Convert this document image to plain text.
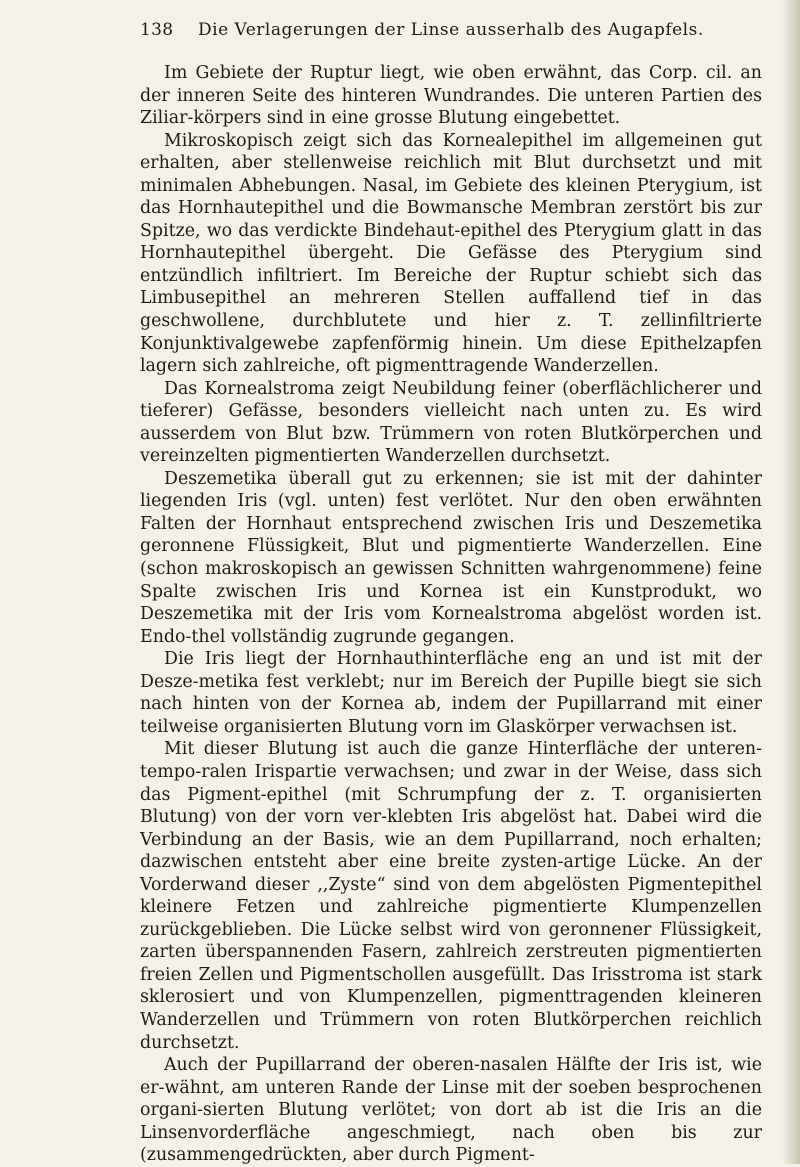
138 Die Verlagerungen der Linse ausserhalb des Augapfels.

Im Gebiete der Ruptur liegt, wie oben erwähnt, das Corp. cil. an der inneren Seite des hinteren Wundrandes. Die unteren Partien des Ziliar-körpers sind in eine grosse Blutung eingebettet.

Mikroskopisch zeigt sich das Kornealepithel im allgemeinen gut erhalten, aber stellenweise reichlich mit Blut durchsetzt und mit minimalen Abhebungen. Nasal, im Gebiete des kleinen Pterygium, ist das Hornhautepithel und die Bowmansche Membran zerstört bis zur Spitze, wo das verdickte Bindehaut-epithel des Pterygium glatt in das Hornhautepithel übergeht. Die Gefässe des Pterygium sind entzündlich infiltriert. Im Bereiche der Ruptur schiebt sich das Limbusepithel an mehreren Stellen auffallend tief in das geschwollene, durchblutete und hier z. T. zellinfiltrierte Konjunktivalgewebe zapfenförmig hinein. Um diese Epithelzapfen lagern sich zahlreiche, oft pigmenttragende Wanderzellen.

Das Kornealstroma zeigt Neubildung feiner (oberflächlicherer und tieferer) Gefässe, besonders vielleicht nach unten zu. Es wird ausserdem von Blut bzw. Trümmern von roten Blutkörperchen und vereinzelten pigmentierten Wanderzellen durchsetzt.

Deszemetika überall gut zu erkennen; sie ist mit der dahinter liegenden Iris (vgl. unten) fest verlötet. Nur den oben erwähnten Falten der Hornhaut entsprechend zwischen Iris und Deszemetika geronnene Flüssigkeit, Blut und pigmentierte Wanderzellen. Eine (schon makroskopisch an gewissen Schnitten wahrgenommene) feine Spalte zwischen Iris und Kornea ist ein Kunstprodukt, wo Deszemetika mit der Iris vom Kornealstroma abgelöst worden ist. Endo-thel vollständig zugrunde gegangen.

Die Iris liegt der Hornhauthinterfläche eng an und ist mit der Desze-metika fest verklebt; nur im Bereich der Pupille biegt sie sich nach hinten von der Kornea ab, indem der Pupillarrand mit einer teilweise organisierten Blutung vorn im Glaskörper verwachsen ist.

Mit dieser Blutung ist auch die ganze Hinterfläche der unteren-tempo-ralen Irispartie verwachsen; und zwar in der Weise, dass sich das Pigment-epithel (mit Schrumpfung der z. T. organisierten Blutung) von der vorn ver-klebten Iris abgelöst hat. Dabei wird die Verbindung an der Basis, wie an dem Pupillarrand, noch erhalten; dazwischen entsteht aber eine breite zysten-artige Lücke. An der Vorderwand dieser ,,Zyste“ sind von dem abgelösten Pigmentepithel kleinere Fetzen und zahlreiche pigmentierte Klumpenzellen zurückgeblieben. Die Lücke selbst wird von geronnener Flüssigkeit, zarten überspannenden Fasern, zahlreich zerstreuten pigmentierten freien Zellen und Pigmentschollen ausgefüllt. Das Irisstroma ist stark sklerosiert und von Klumpenzellen, pigmenttragenden kleineren Wanderzellen und Trümmern von roten Blutkörperchen reichlich durchsetzt.

Auch der Pupillarrand der oberen-nasalen Hälfte der Iris ist, wie er-wähnt, am unteren Rande der Linse mit der soeben besprochenen organi-sierten Blutung verlötet; von dort ab ist die Iris an die Linsenvorderfläche angeschmiegt, nach oben bis zur (zusammengedrückten, aber durch Pigment-
